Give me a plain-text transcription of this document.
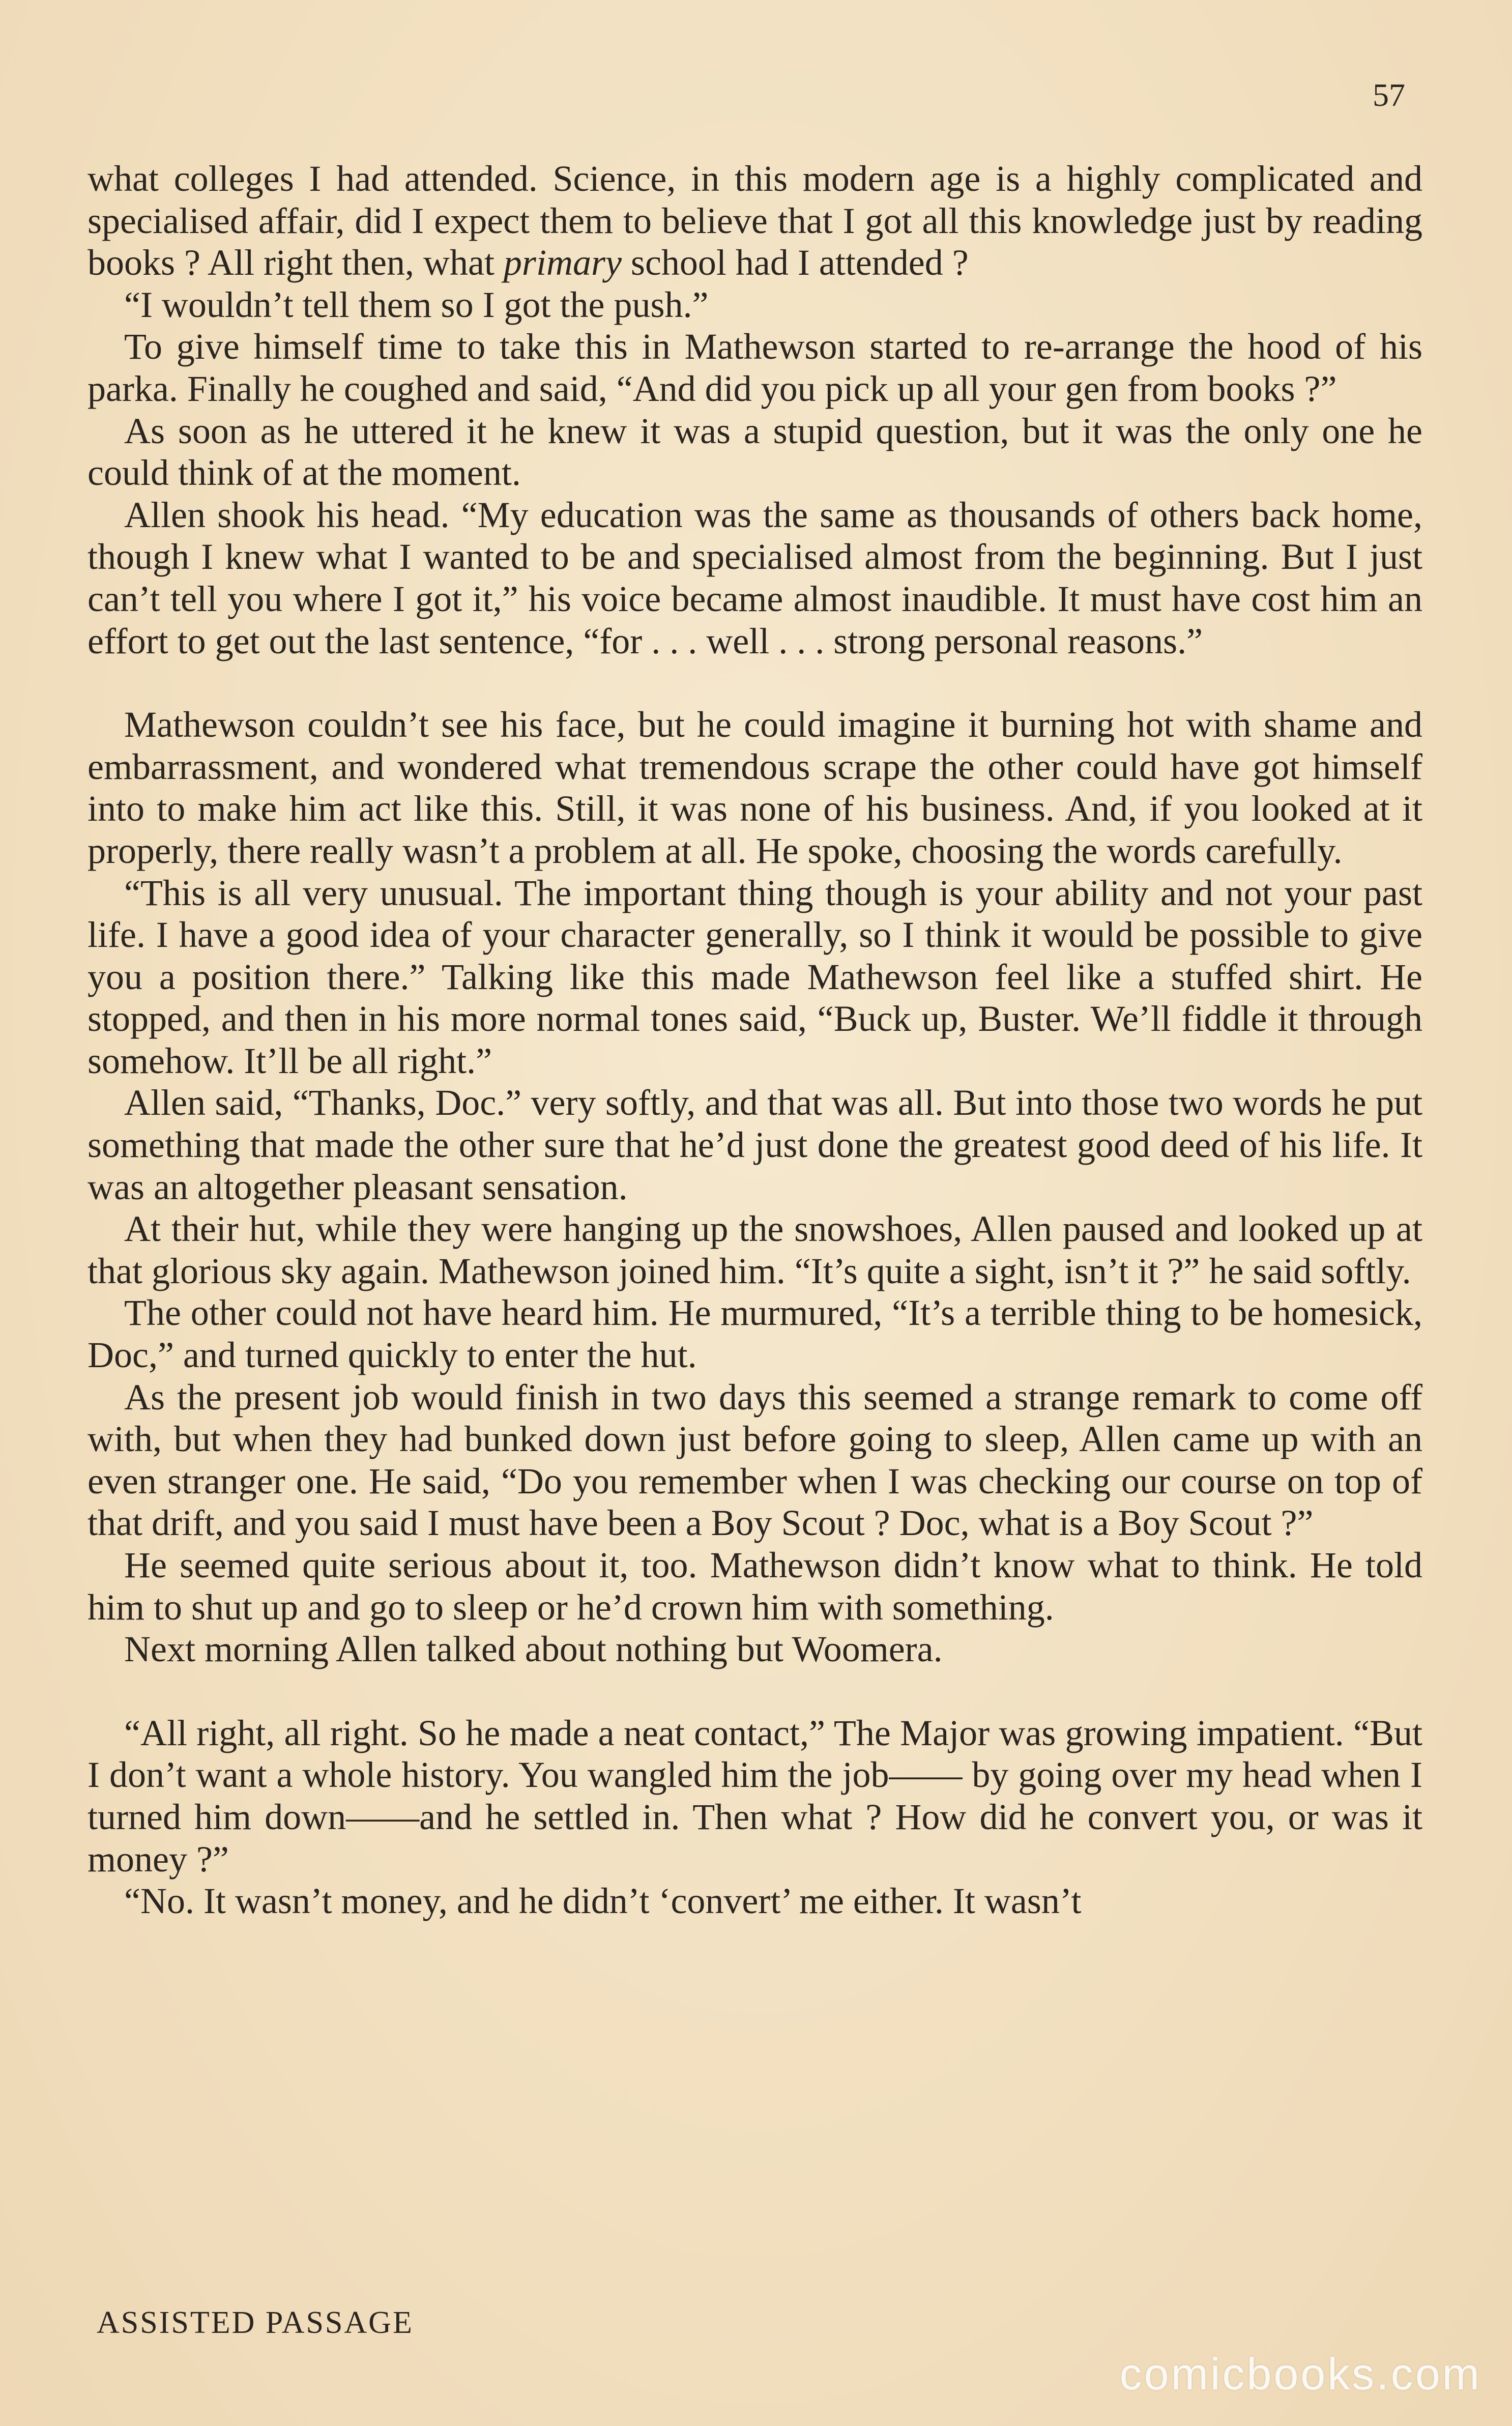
57

what colleges I had attended. Science, in this modern age is a highly complicated and specialised affair, did I expect them to believe that I got all this knowledge just by reading books ? All right then, what primary school had I attended ?

“I wouldn’t tell them so I got the push.”

To give himself time to take this in Mathewson started to re-arrange the hood of his parka. Finally he coughed and said, “And did you pick up all your gen from books ?”

As soon as he uttered it he knew it was a stupid question, but it was the only one he could think of at the moment.

Allen shook his head. “My education was the same as thousands of others back home, though I knew what I wanted to be and specialised almost from the beginning. But I just can’t tell you where I got it,” his voice became almost inaudible. It must have cost him an effort to get out the last sentence, “for . . . well . . . strong personal reasons.”

Mathewson couldn’t see his face, but he could imagine it burning hot with shame and embarrassment, and wondered what tremendous scrape the other could have got himself into to make him act like this. Still, it was none of his business. And, if you looked at it properly, there really wasn’t a problem at all. He spoke, choosing the words carefully.

“This is all very unusual. The important thing though is your ability and not your past life. I have a good idea of your character generally, so I think it would be possible to give you a position there.” Talking like this made Mathewson feel like a stuffed shirt. He stopped, and then in his more normal tones said, “Buck up, Buster. We’ll fiddle it through somehow. It’ll be all right.”

Allen said, “Thanks, Doc.” very softly, and that was all. But into those two words he put something that made the other sure that he’d just done the greatest good deed of his life. It was an altogether pleasant sensation.

At their hut, while they were hanging up the snowshoes, Allen paused and looked up at that glorious sky again. Mathewson joined him. “It’s quite a sight, isn’t it ?” he said softly.

The other could not have heard him. He murmured, “It’s a terrible thing to be homesick, Doc,” and turned quickly to enter the hut.

As the present job would finish in two days this seemed a strange remark to come off with, but when they had bunked down just before going to sleep, Allen came up with an even stranger one. He said, “Do you remember when I was checking our course on top of that drift, and you said I must have been a Boy Scout ? Doc, what is a Boy Scout ?”

He seemed quite serious about it, too. Mathewson didn’t know what to think. He told him to shut up and go to sleep or he’d crown him with something.

Next morning Allen talked about nothing but Woomera.

“All right, all right. So he made a neat contact,” The Major was growing impatient. “But I don’t want a whole history. You wangled him the job—— by going over my head when I turned him down——and he settled in. Then what ? How did he convert you, or was it money ?”

“No. It wasn’t money, and he didn’t ‘convert’ me either. It wasn’t

ASSISTED PASSAGE
comicbooks.com
